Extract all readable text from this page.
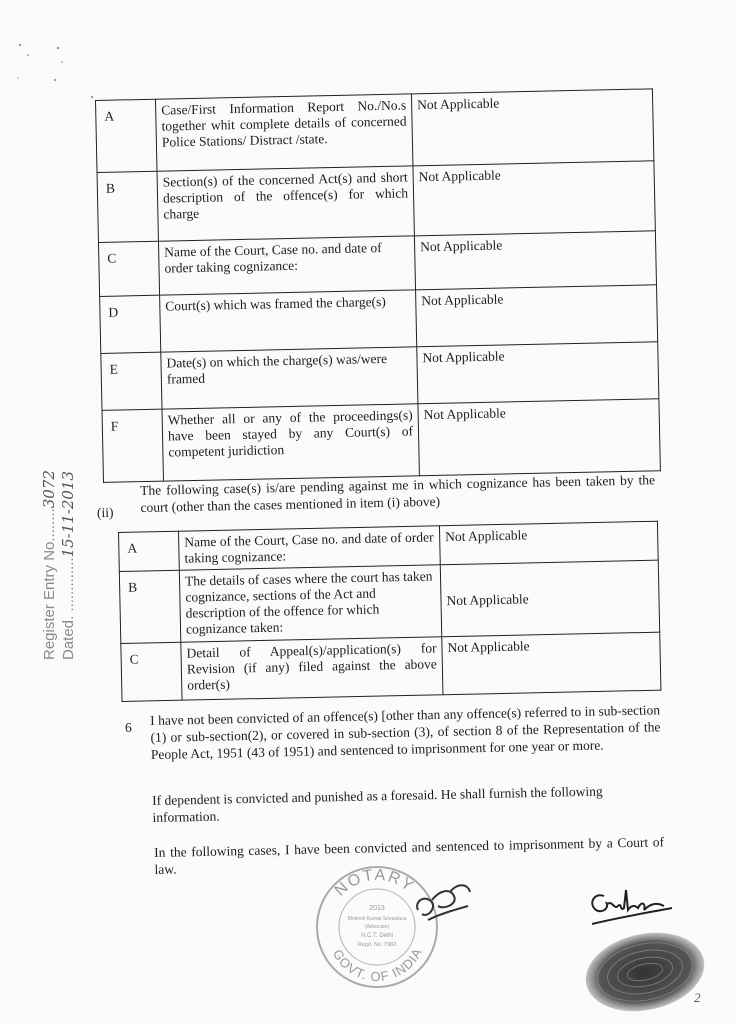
A	Case/First Information Report No./No.s together whit complete details of concerned Police Stations/ Distract /state.	Not Applicable
B	Section(s) of the concerned Act(s) and short description of the offence(s) for which charge	Not Applicable
C	Name of the Court, Case no. and date of order taking cognizance:	Not Applicable
D	Court(s) which was framed the charge(s)	Not Applicable
E	Date(s) on which the charge(s) was/were framed	Not Applicable
F	Whether all or any of the proceedings(s) have been stayed by any Court(s) of competent juridiction	Not Applicable
(ii)
The following case(s) is/are pending against me in which cognizance has been taken by the court (other than the cases mentioned in item (i) above)
A	Name of the Court, Case no. and date of order taking cognizance:	Not Applicable
B	The details of cases where the court has taken cognizance, sections of the Act and description of the offence for which cognizance taken:	Not Applicable
C	Detail of Appeal(s)/application(s) for Revision (if any) filed against the above order(s)	Not Applicable
6 I have not been convicted of an offence(s) [other than any offence(s) referred to in sub-section (1) or sub-section(2), or covered in sub-section (3), of section 8 of the Representation of the People Act, 1951 (43 of 1951) and sentenced to imprisonment for one year or more.
If dependent is convicted and punished as a foresaid. He shall furnish the following information.
In the following cases, I have been convicted and sentenced to imprisonment by a Court of law.
Register Entry No........3072
Dated. .............15-11-2013
NOTARY
GOVT. OF INDIA
2013
Bimlesh Kumar Srivastava
(Advocate)
N.C.T. Delhi
Regd. No. 7982
2
